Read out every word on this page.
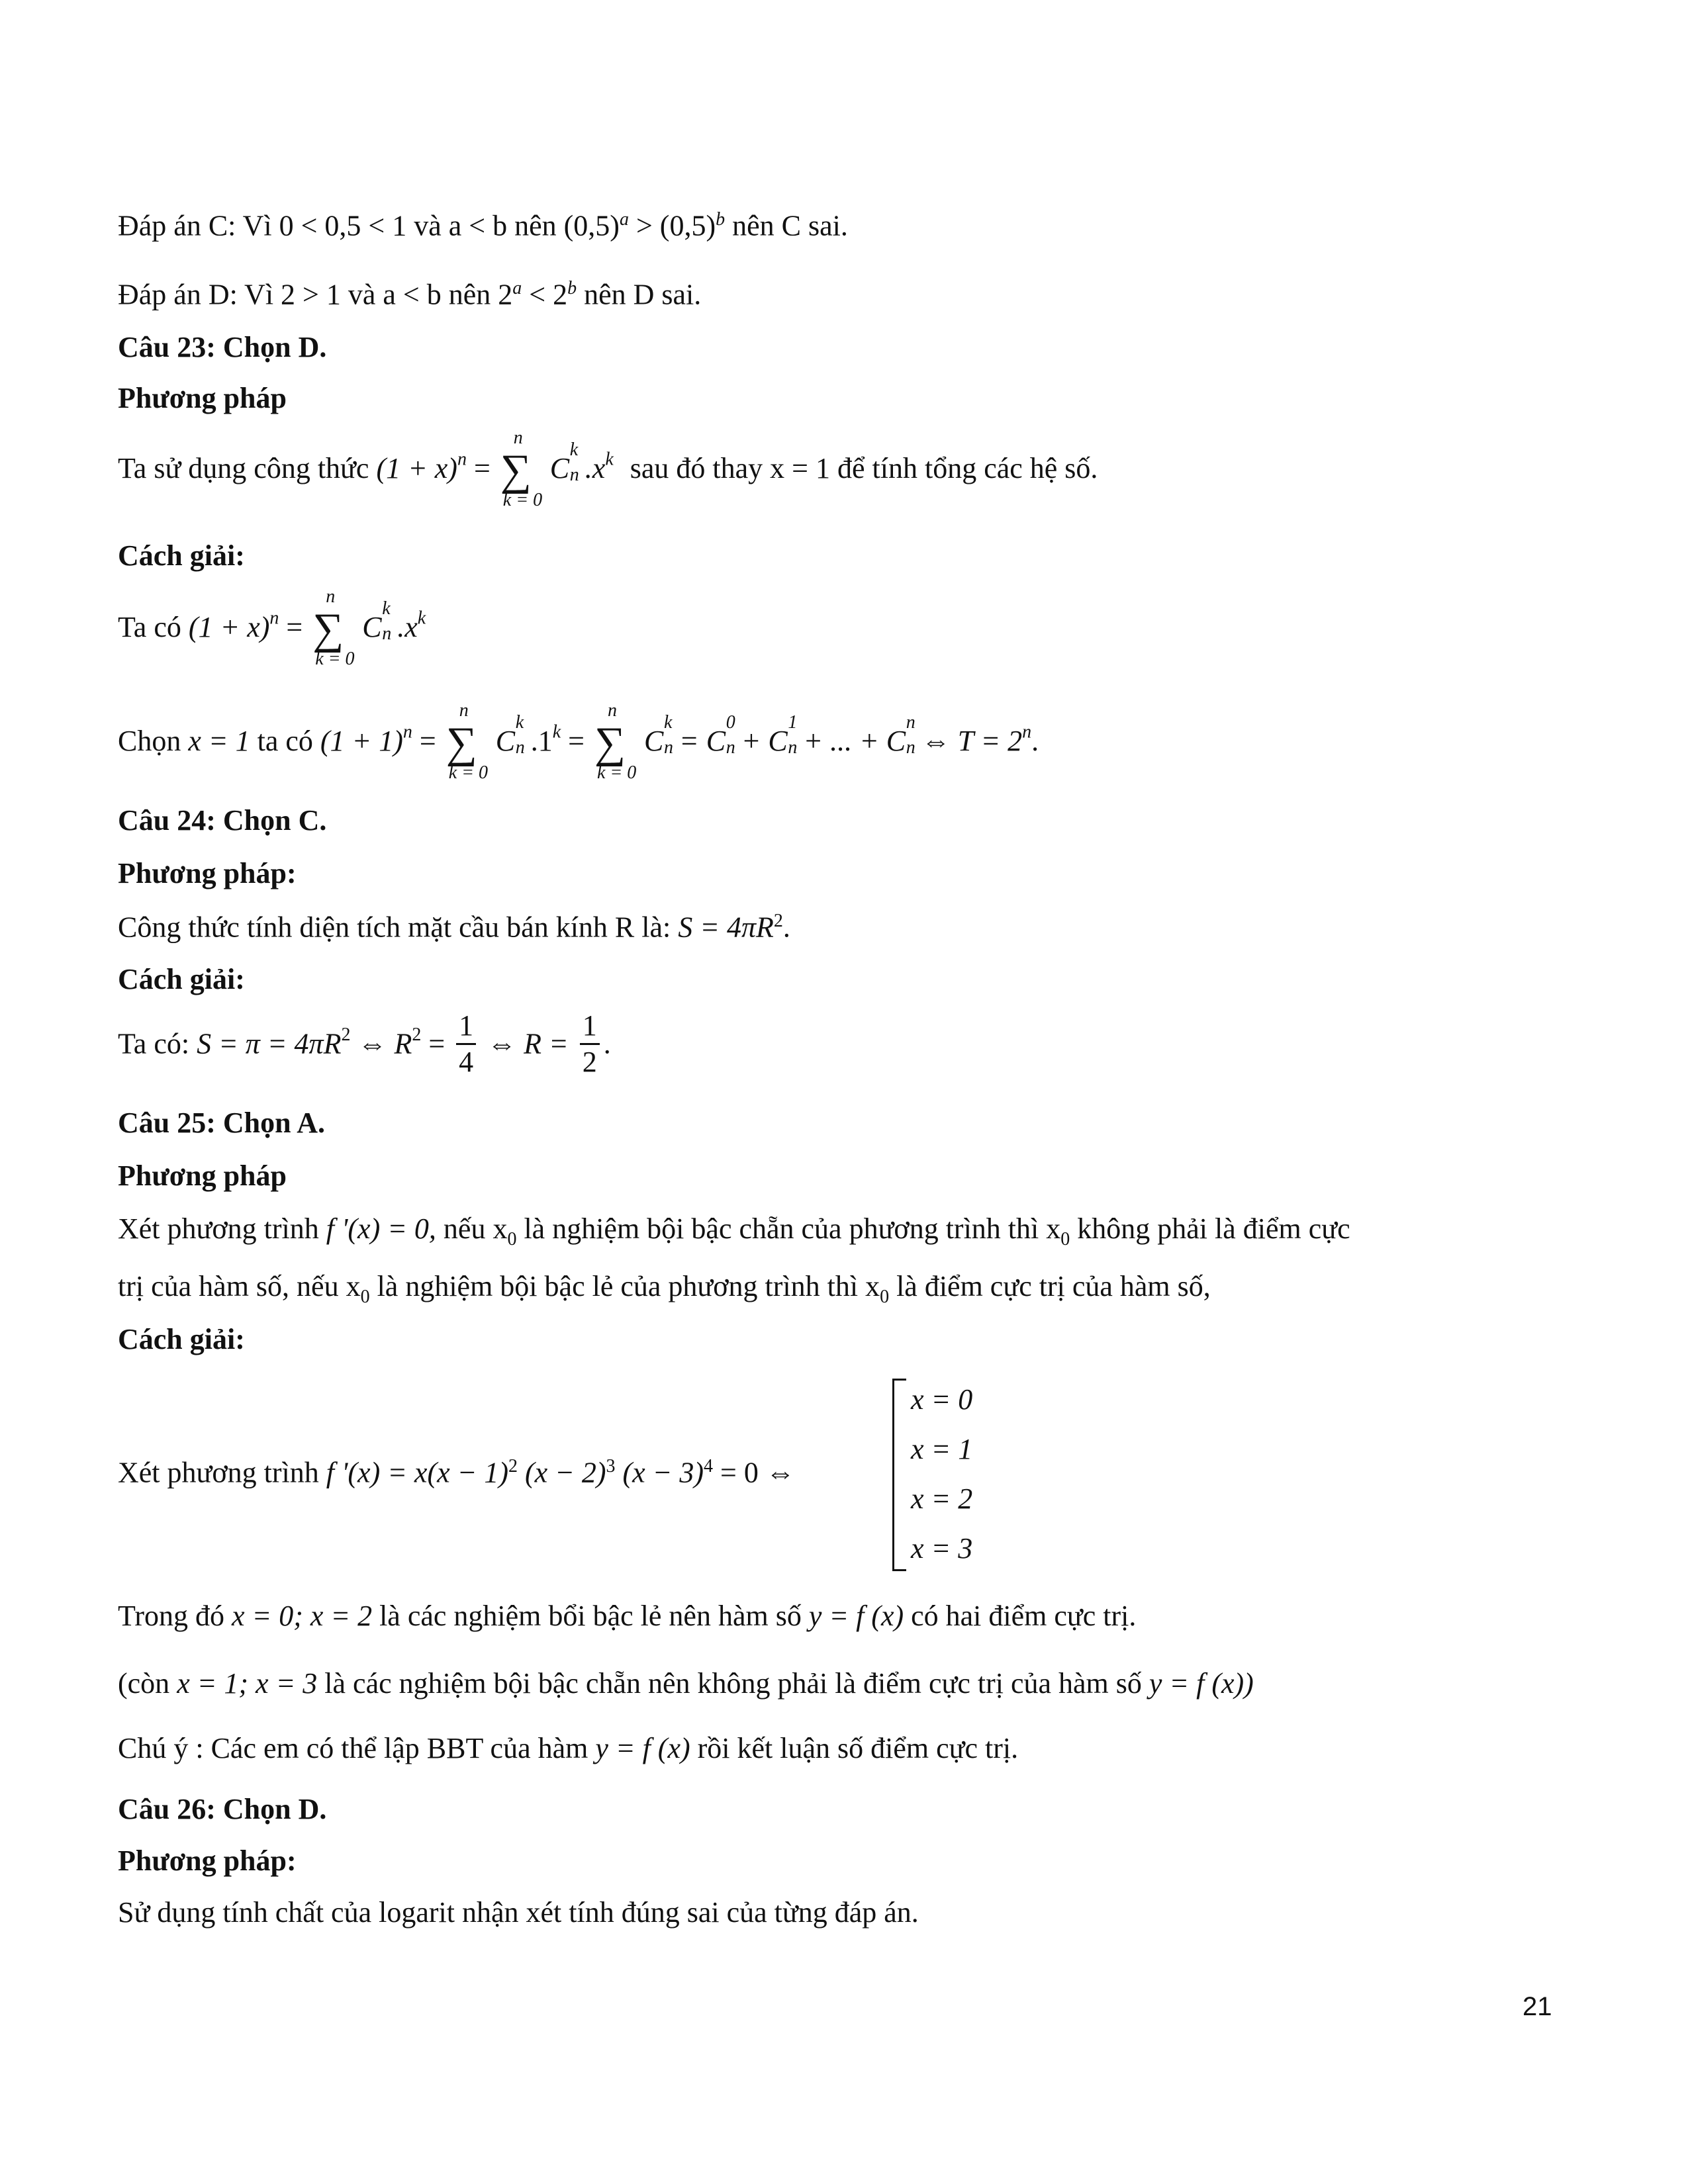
Đáp án C: Vì 0 < 0,5 < 1 và a < b nên $(0,5)^a > (0,5)^b$ nên C sai.
Đáp án D: Vì 2 > 1 và a < b nên $2^a < 2^b$ nên D sai.
Câu 23: Chọn D.
Phương pháp
Ta sử dụng công thức $(1 + x)^n$ =
n
∑
k = 0
C
k
n $.x^k$ sau đó thay x = 1 để tính tổng các hệ số.
Cách giải:
Ta có $(1 + x)^n$ =
n
∑
k = 0
C
k
n $.x^k$
Chọn x = 1 ta có $(1 + 1)^n$ =
n
∑
k = 0
C
k
n $.1^k$ =
n
∑
k = 0
C
k
n = C
0
n
+ C
1
n
+ ... + C
n
n ⇔ $T = 2^n$.
Câu 24: Chọn C.
Phương pháp:
Công thức tính diện tích mặt cầu bán kính R là: $S = 4\pi R^2$.
Cách giải:
Ta có: $S = \pi = 4\pi R^2$ ⇔ $R^2 = \frac{1}{4}$ ⇔ $R = \frac{1}{2}$ .
Câu 25: Chọn A.
Phương pháp
Xét phương trình f '(x) = 0, nếu $x_0$ là nghiệm bội bậc chẵn của phương trình thì $x_0$ không phải là điểm cực
trị của hàm số, nếu $x_0$ là nghiệm bội bậc lẻ của phương trình thì $x_0$ là điểm cực trị của hàm số,
Cách giải:
Xét phương trình f '$(x) = x(x - 1)^2$ $(x - 2)^3$ $(x - 3)^4 = 0$ ⇔
x = 0
x = 1
x = 2
x = 3
Trong đó x = 0; x = 2 là các nghiệm bổi bậc lẻ nên hàm số y = f (x) có hai điểm cực trị.
(còn x = 1; x = 3 là các nghiệm bội bậc chẵn nên không phải là điểm cực trị của hàm số y = f (x))
Chú ý : Các em có thể lập BBT của hàm y = f (x) rồi kết luận số điểm cực trị.
Câu 26: Chọn D.
Phương pháp:
Sử dụng tính chất của logarit nhận xét tính đúng sai của từng đáp án.
21
